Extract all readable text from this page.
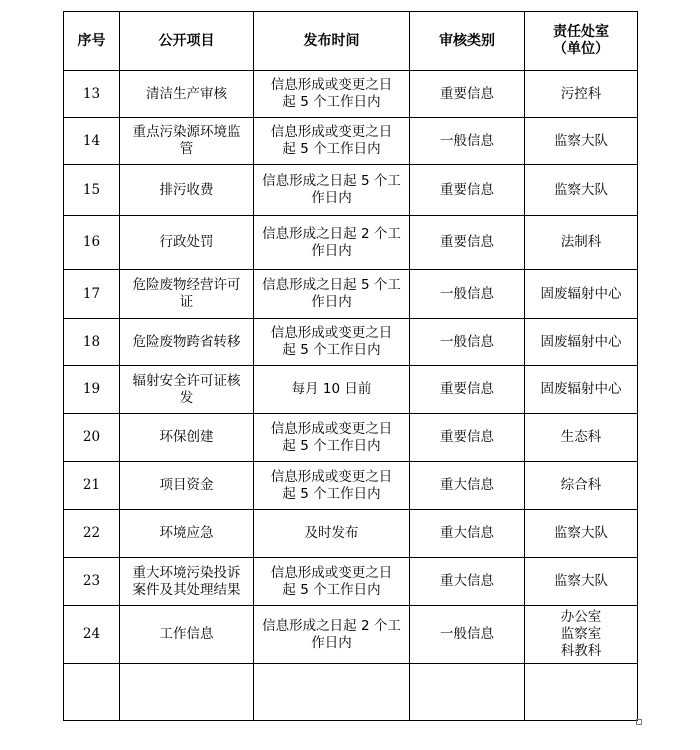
序号	公开项目	发布时间	审核类别	责任处室
（单位）

13	清洁生产审核	信息形成或变更之日
起 5 个工作日内	重要信息	污控科

14	重点污染源环境监
管	信息形成或变更之日
起 5 个工作日内	一般信息	监察大队

15	排污收费	信息形成之日起 5 个工
作日内	重要信息	监察大队

16	行政处罚	信息形成之日起 2 个工
作日内	重要信息	法制科

17	危险废物经营许可
证	信息形成之日起 5 个工
作日内	一般信息	固废辐射中心

18	危险废物跨省转移	信息形成或变更之日
起 5 个工作日内	一般信息	固废辐射中心

19	辐射安全许可证核
发	每月 10 日前	重要信息	固废辐射中心

20	环保创建	信息形成或变更之日
起 5 个工作日内	重要信息	生态科

21	项目资金	信息形成或变更之日
起 5 个工作日内	重大信息	综合科

22	环境应急	及时发布	重大信息	监察大队

23	重大环境污染投诉
案件及其处理结果	信息形成或变更之日
起 5 个工作日内	重大信息	监察大队

24	工作信息	信息形成之日起 2 个工
作日内	一般信息	办公室
监察室
科教科
